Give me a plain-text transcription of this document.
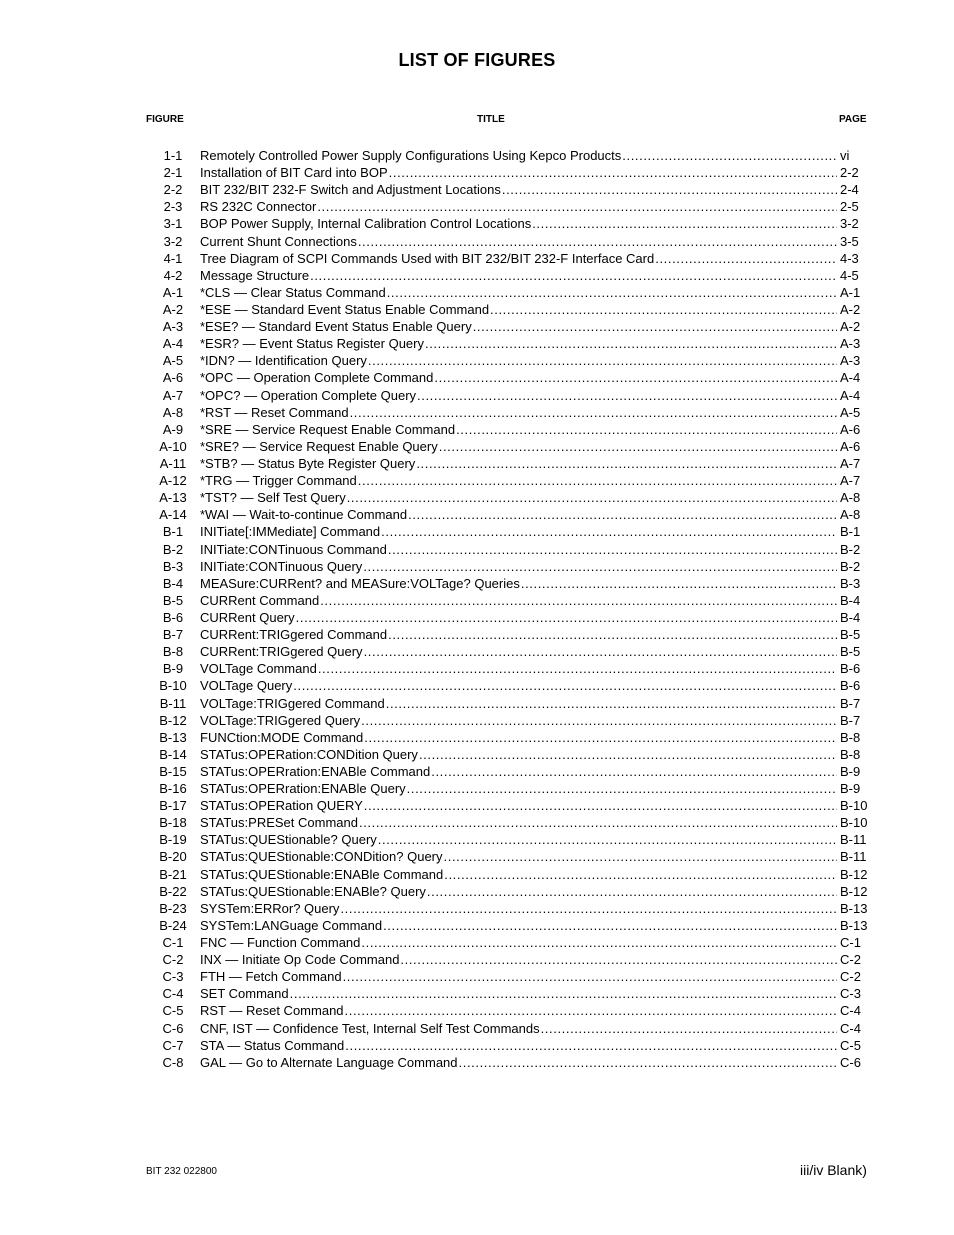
LIST OF FIGURES
FIGURE	TITLE	PAGE
1-1	Remotely Controlled Power Supply Configurations Using Kepco Products .....	vi
2-1	Installation of BIT Card into BOP .....	2-2
2-2	BIT 232/BIT 232-F Switch and Adjustment Locations .....	2-4
2-3	RS 232C Connector .....	2-5
3-1	BOP Power Supply, Internal Calibration Control Locations .....	3-2
3-2	Current Shunt Connections .....	3-5
4-1	Tree Diagram of SCPI Commands Used with BIT 232/BIT 232-F Interface Card .....	4-3
4-2	Message Structure .....	4-5
A-1	*CLS — Clear Status Command .....	A-1
A-2	*ESE — Standard Event Status Enable Command .....	A-2
A-3	*ESE? — Standard Event Status Enable Query .....	A-2
A-4	*ESR? — Event Status Register Query .....	A-3
A-5	*IDN? — Identification Query .....	A-3
A-6	*OPC — Operation Complete Command .....	A-4
A-7	*OPC? — Operation Complete Query .....	A-4
A-8	*RST — Reset Command .....	A-5
A-9	*SRE — Service Request Enable Command .....	A-6
A-10	*SRE? — Service Request Enable Query .....	A-6
A-11	*STB? — Status Byte Register Query .....	A-7
A-12	*TRG — Trigger Command .....	A-7
A-13	*TST? — Self Test Query .....	A-8
A-14	*WAI — Wait-to-continue Command .....	A-8
B-1	INITiate[:IMMediate] Command .....	B-1
B-2	INITiate:CONTinuous Command .....	B-2
B-3	INITiate:CONTinuous Query .....	B-2
B-4	MEASure:CURRent? and MEASure:VOLTage? Queries .....	B-3
B-5	CURRent Command .....	B-4
B-6	CURRent Query .....	B-4
B-7	CURRent:TRIGgered Command .....	B-5
B-8	CURRent:TRIGgered Query .....	B-5
B-9	VOLTage Command .....	B-6
B-10	VOLTage Query .....	B-6
B-11	VOLTage:TRIGgered Command .....	B-7
B-12	VOLTage:TRIGgered Query .....	B-7
B-13	FUNCtion:MODE Command .....	B-8
B-14	STATus:OPERation:CONDition Query .....	B-8
B-15	STATus:OPERration:ENABle Command .....	B-9
B-16	STATus:OPERration:ENABle Query .....	B-9
B-17	STATus:OPERation QUERY .....	B-10
B-18	STATus:PRESet Command .....	B-10
B-19	STATus:QUEStionable? Query .....	B-11
B-20	STATus:QUEStionable:CONDition? Query .....	B-11
B-21	STATus:QUEStionable:ENABle Command .....	B-12
B-22	STATus:QUEStionable:ENABle? Query .....	B-12
B-23	SYSTem:ERRor? Query .....	B-13
B-24	SYSTem:LANGuage Command .....	B-13
C-1	FNC — Function Command .....	C-1
C-2	INX — Initiate Op Code Command .....	C-2
C-3	FTH — Fetch Command .....	C-2
C-4	SET Command .....	C-3
C-5	RST — Reset Command .....	C-4
C-6	CNF, IST — Confidence Test, Internal Self Test Commands .....	C-4
C-7	STA — Status Command .....	C-5
C-8	GAL — Go to Alternate Language Command .....	C-6
BIT 232 022800	iii/iv Blank)
